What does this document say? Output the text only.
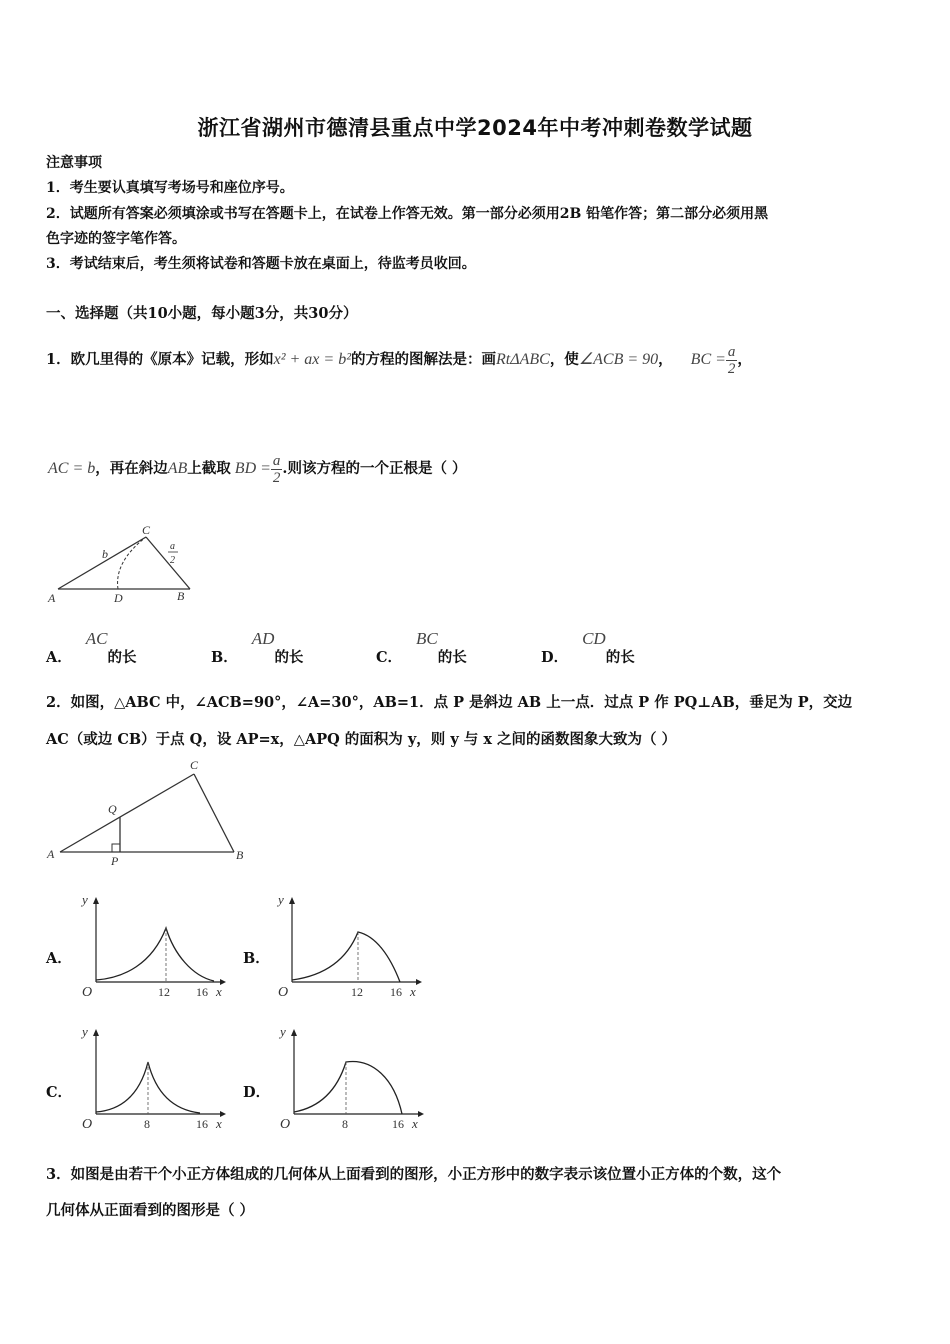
浙江省湖州市德清县重点中学2024年中考冲刺卷数学试题
注意事项
1．考生要认真填写考场号和座位序号。
2．试题所有答案必须填涂或书写在答题卡上，在试卷上作答无效。第一部分必须用2B 铅笔作答；第二部分必须用黑
色字迹的签字笔作答。
3．考试结束后，考生须将试卷和答题卡放在桌面上，待监考员收回。
一、选择题（共10小题，每小题3分，共30分）
1．欧几里得的《原本》记载，形如x² + ax = b²的方程的图解法是：画RtΔABC，使∠ACB = 90， BC = $\frac{a}{2}$ ，
AC = b，再在斜边AB上截取 BD = $\frac{a}{2}$ .则该方程的一个正根是（ ）
A	D	B
C
b
a
2
A．AC的长	B．AD的长	C．BC的长	D．CD的长
2．如图，△ABC 中，∠ACB=90°，∠A=30°，AB=1．点 P 是斜边 AB 上一点．过点 P 作 PQ⊥AB，垂足为 P，交边
AC（或边 CB）于点 Q，设 AP=x，△APQ 的面积为 y，则 y 与 x 之间的函数图象大致为（ ）
A	B
C
P
Q
A．	B．
C．	D．
y
O	12 16 x
y
O	12 16 x
y
O	8	16 x
y
O	8	16 x
3．如图是由若干个小正方体组成的几何体从上面看到的图形，小正方形中的数字表示该位置小正方体的个数，这个
几何体从正面看到的图形是（ ）
